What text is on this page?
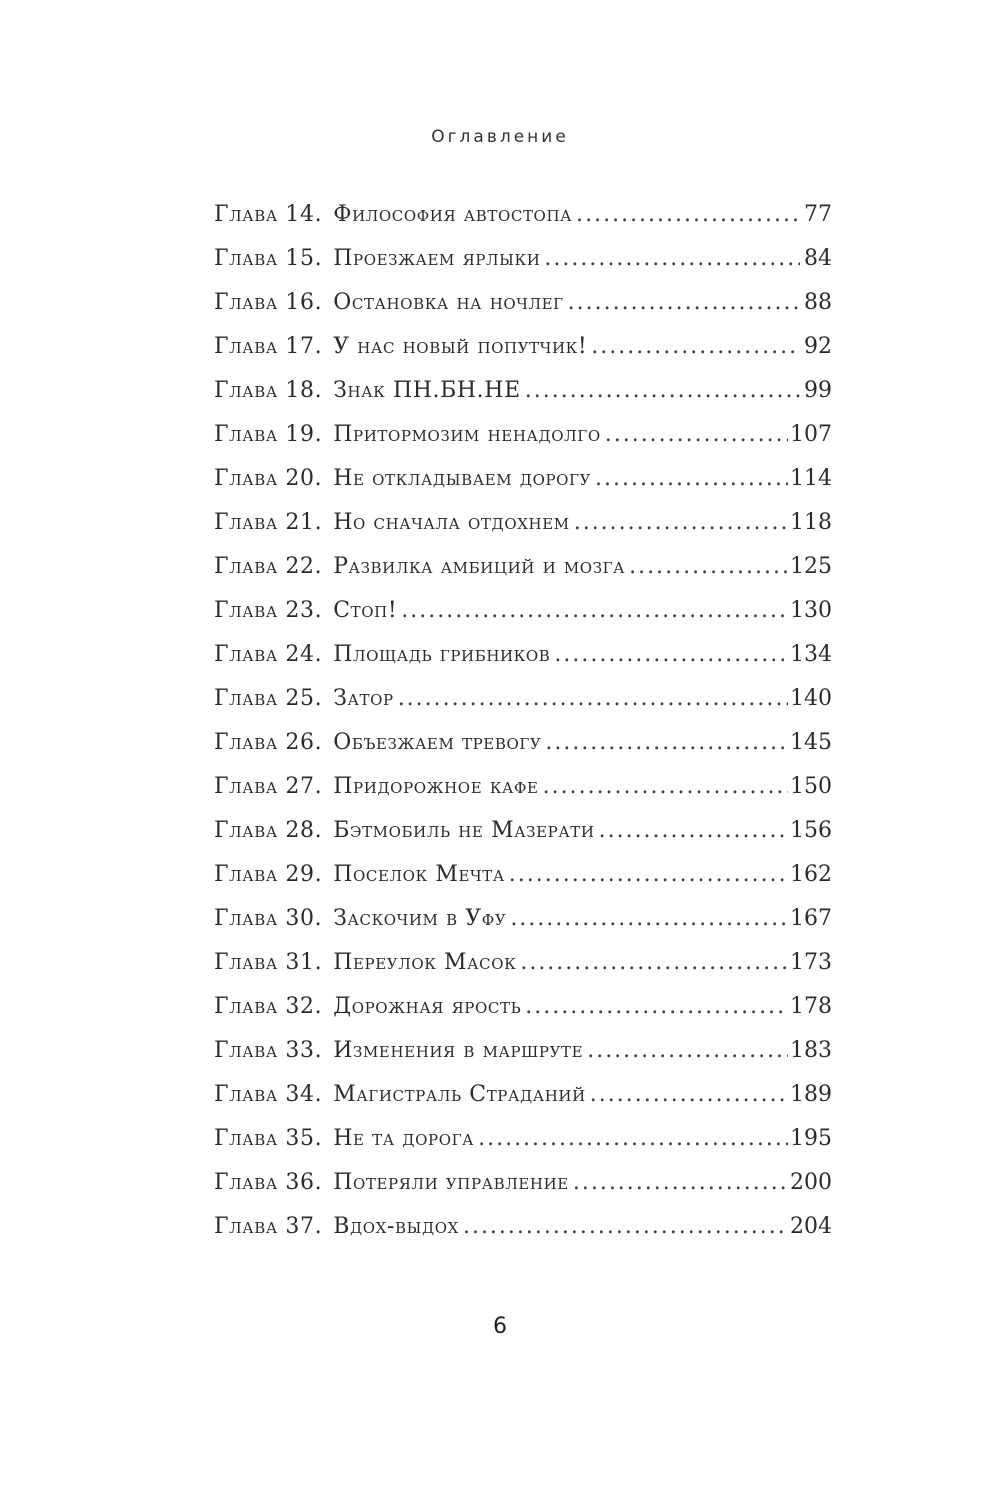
Оглавление
Глава 14. Философия автостопа .....	77
Глава 15. Проезжаем ярлыки .....	84
Глава 16. Остановка на ночлег .....	88
Глава 17. У нас новый попутчик! .....	92
Глава 18. Знак ПН.БН.НЕ .....	99
Глава 19. Притормозим ненадолго .....	107
Глава 20. Не откладываем дорогу .....	114
Глава 21. Но сначала отдохнем .....	118
Глава 22. Развилка амбиций и мозга .....	125
Глава 23. Стоп! .....	130
Глава 24. Площадь грибников .....	134
Глава 25. Затор .....	140
Глава 26. Объезжаем тревогу .....	145
Глава 27. Придорожное кафе .....	150
Глава 28. Бэтмобиль не Мазерати .....	156
Глава 29. Поселок Мечта .....	162
Глава 30. Заскочим в Уфу .....	167
Глава 31. Переулок Масок .....	173
Глава 32. Дорожная ярость .....	178
Глава 33. Изменения в маршруте .....	183
Глава 34. Магистраль Страданий .....	189
Глава 35. Не та дорога .....	195
Глава 36. Потеряли управление .....	200
Глава 37. Вдох-выдох .....	204
6
